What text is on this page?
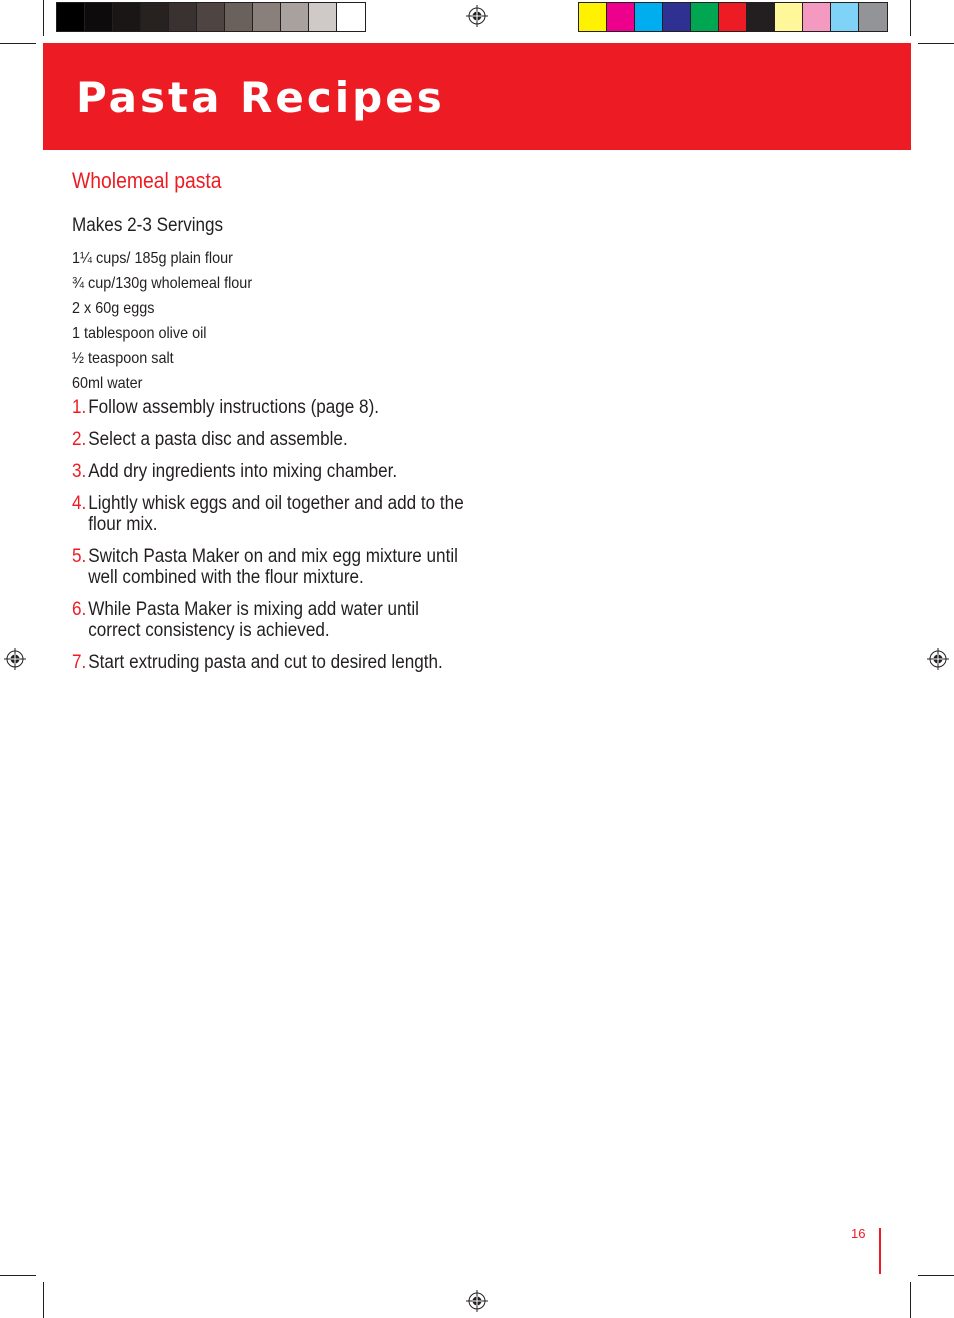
Pasta Recipes
Wholemeal pasta
Makes 2-3 Servings
1¼ cups/ 185g plain flour
¾ cup/130g wholemeal flour
2 x 60g eggs
1 tablespoon olive oil
½ teaspoon salt
60ml water
1. Follow assembly instructions (page 8).
2. Select a pasta disc and assemble.
3. Add dry ingredients into mixing chamber.
4. Lightly whisk eggs and oil together and add to the flour mix.
5. Switch Pasta Maker on and mix egg mixture until well combined with the flour mixture.
6. While Pasta Maker is mixing add water until correct consistency is achieved.
7. Start extruding pasta and cut to desired length.
16
